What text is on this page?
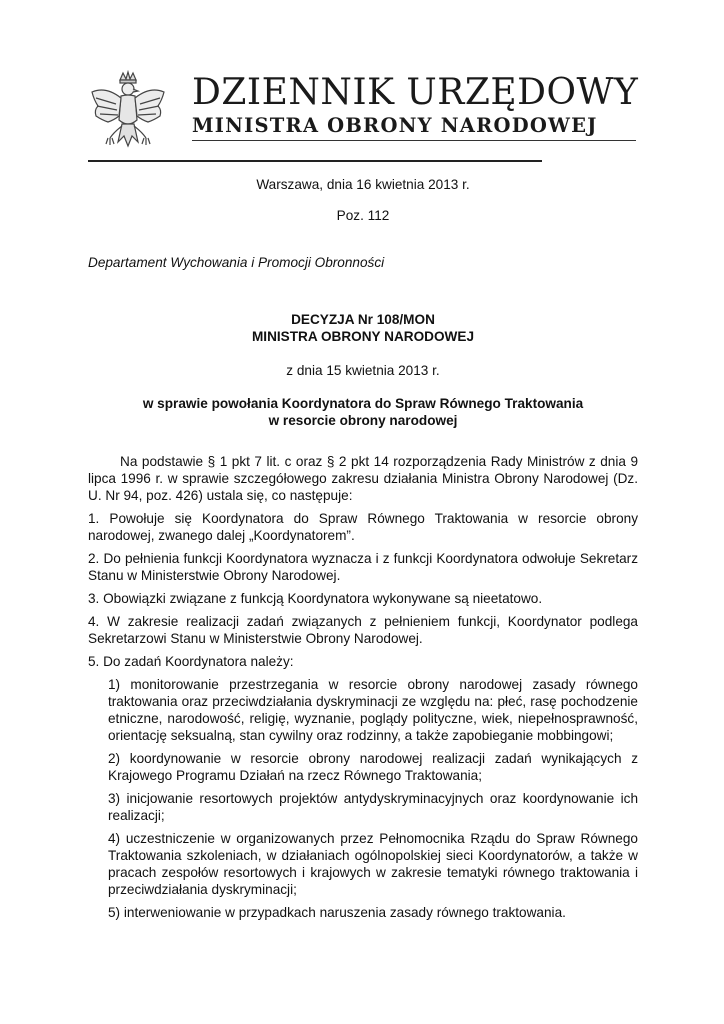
DZIENNIK URZĘDOWY
MINISTRA OBRONY NARODOWEJ

Warszawa, dnia 16 kwietnia 2013 r.

Poz. 112

Departament Wychowania i Promocji Obronności

DECYZJA Nr 108/MON
MINISTRA OBRONY NARODOWEJ

z dnia 15 kwietnia 2013 r.

w sprawie powołania Koordynatora do Spraw Równego Traktowania
w resorcie obrony narodowej

Na podstawie § 1 pkt 7 lit. c oraz § 2 pkt 14 rozporządzenia Rady Ministrów z dnia 9 lipca 1996 r. w sprawie szczegółowego zakresu działania Ministra Obrony Narodowej (Dz. U. Nr 94, poz. 426) ustala się, co następuje:

1. Powołuje się Koordynatora do Spraw Równego Traktowania w resorcie obrony narodowej, zwanego dalej „Koordynatorem”.

2. Do pełnienia funkcji Koordynatora wyznacza i z funkcji Koordynatora odwołuje Sekretarz Stanu w Ministerstwie Obrony Narodowej.

3. Obowiązki związane z funkcją Koordynatora wykonywane są nieetatowo.

4. W zakresie realizacji zadań związanych z pełnieniem funkcji, Koordynator podlega Sekretarzowi Stanu w Ministerstwie Obrony Narodowej.

5. Do zadań Koordynatora należy:

1) monitorowanie przestrzegania w resorcie obrony narodowej zasady równego traktowania oraz przeciwdziałania dyskryminacji ze względu na: płeć, rasę pochodzenie etniczne, narodowość, religię, wyznanie, poglądy polityczne, wiek, niepełnosprawność, orientację seksualną, stan cywilny oraz rodzinny, a także zapobieganie mobbingowi;

2) koordynowanie w resorcie obrony narodowej realizacji zadań wynikających z Krajowego Programu Działań na rzecz Równego Traktowania;

3) inicjowanie resortowych projektów antydyskryminacyjnych oraz koordynowanie ich realizacji;

4) uczestniczenie w organizowanych przez Pełnomocnika Rządu do Spraw Równego Traktowania szkoleniach, w działaniach ogólnopolskiej sieci Koordynatorów, a także w pracach zespołów resortowych i krajowych w zakresie tematyki równego traktowania i przeciwdziałania dyskryminacji;

5) interweniowanie w przypadkach naruszenia zasady równego traktowania.
